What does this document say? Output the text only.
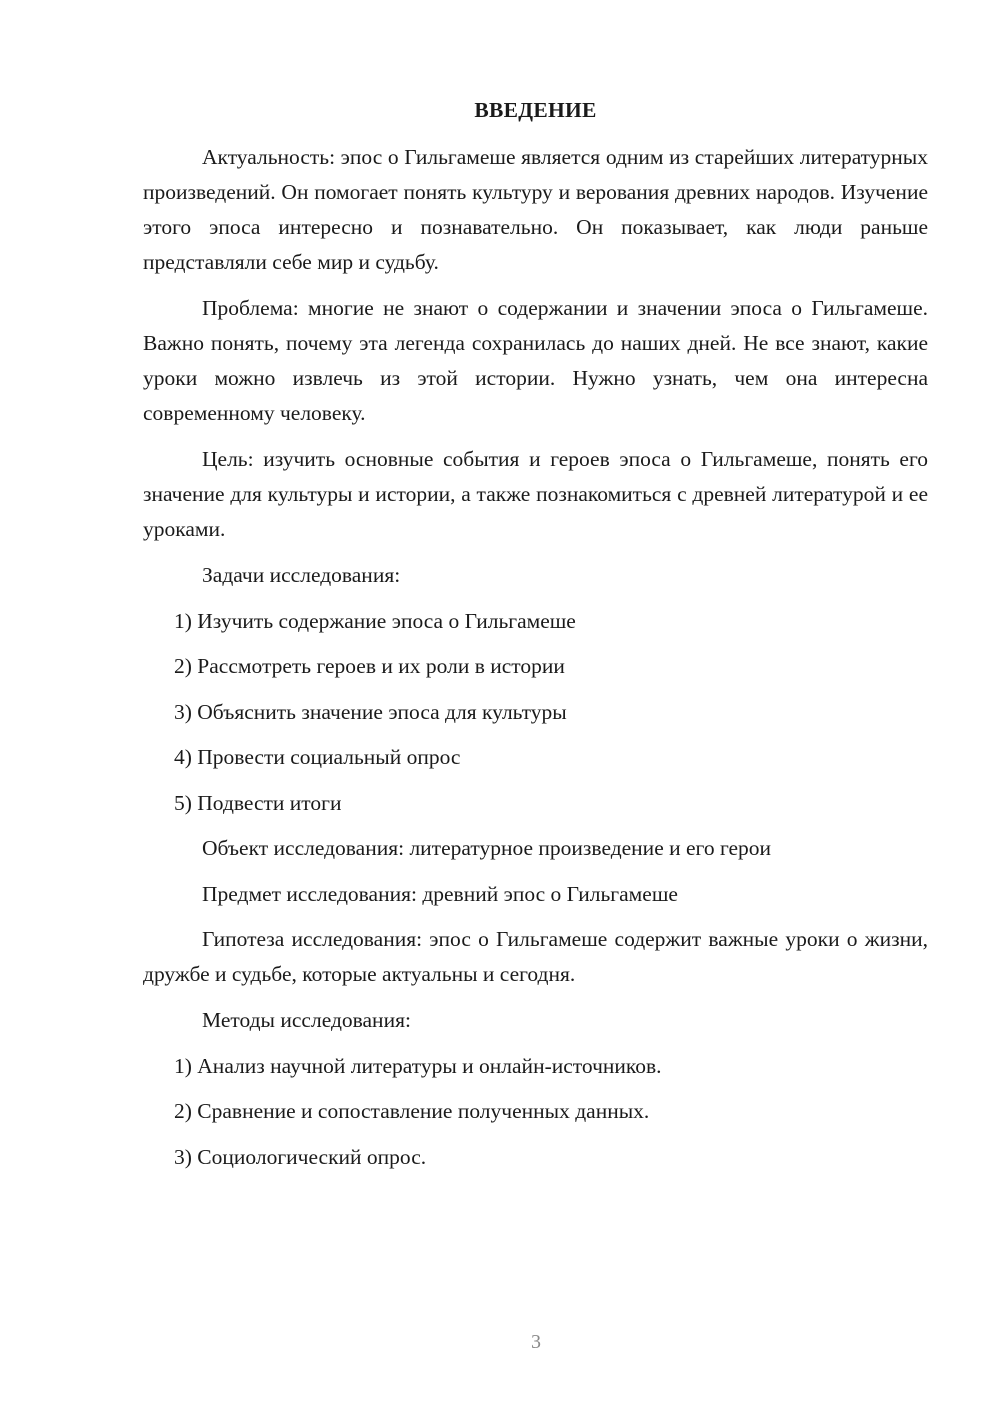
ВВЕДЕНИЕ

Актуальность: эпос о Гильгамеше является одним из старейших литературных произведений. Он помогает понять культуру и верования древних народов. Изучение этого эпоса интересно и познавательно. Он показывает, как люди раньше представляли себе мир и судьбу.

Проблема: многие не знают о содержании и значении эпоса о Гильгамеше. Важно понять, почему эта легенда сохранилась до наших дней. Не все знают, какие уроки можно извлечь из этой истории. Нужно узнать, чем она интересна современному человеку.

Цель: изучить основные события и героев эпоса о Гильгамеше, понять его значение для культуры и истории, а также познакомиться с древней литературой и ее уроками.

Задачи исследования:
1) Изучить содержание эпоса о Гильгамеше
2) Рассмотреть героев и их роли в истории
3) Объяснить значение эпоса для культуры
4) Провести социальный опрос
5) Подвести итоги
Объект исследования: литературное произведение и его герои
Предмет исследования: древний эпос о Гильгамеше

Гипотеза исследования: эпос о Гильгамеше содержит важные уроки о жизни, дружбе и судьбе, которые актуальны и сегодня.

Методы исследования:
1) Анализ научной литературы и онлайн-источников.
2) Сравнение и сопоставление полученных данных.
3) Социологический опрос.
3
